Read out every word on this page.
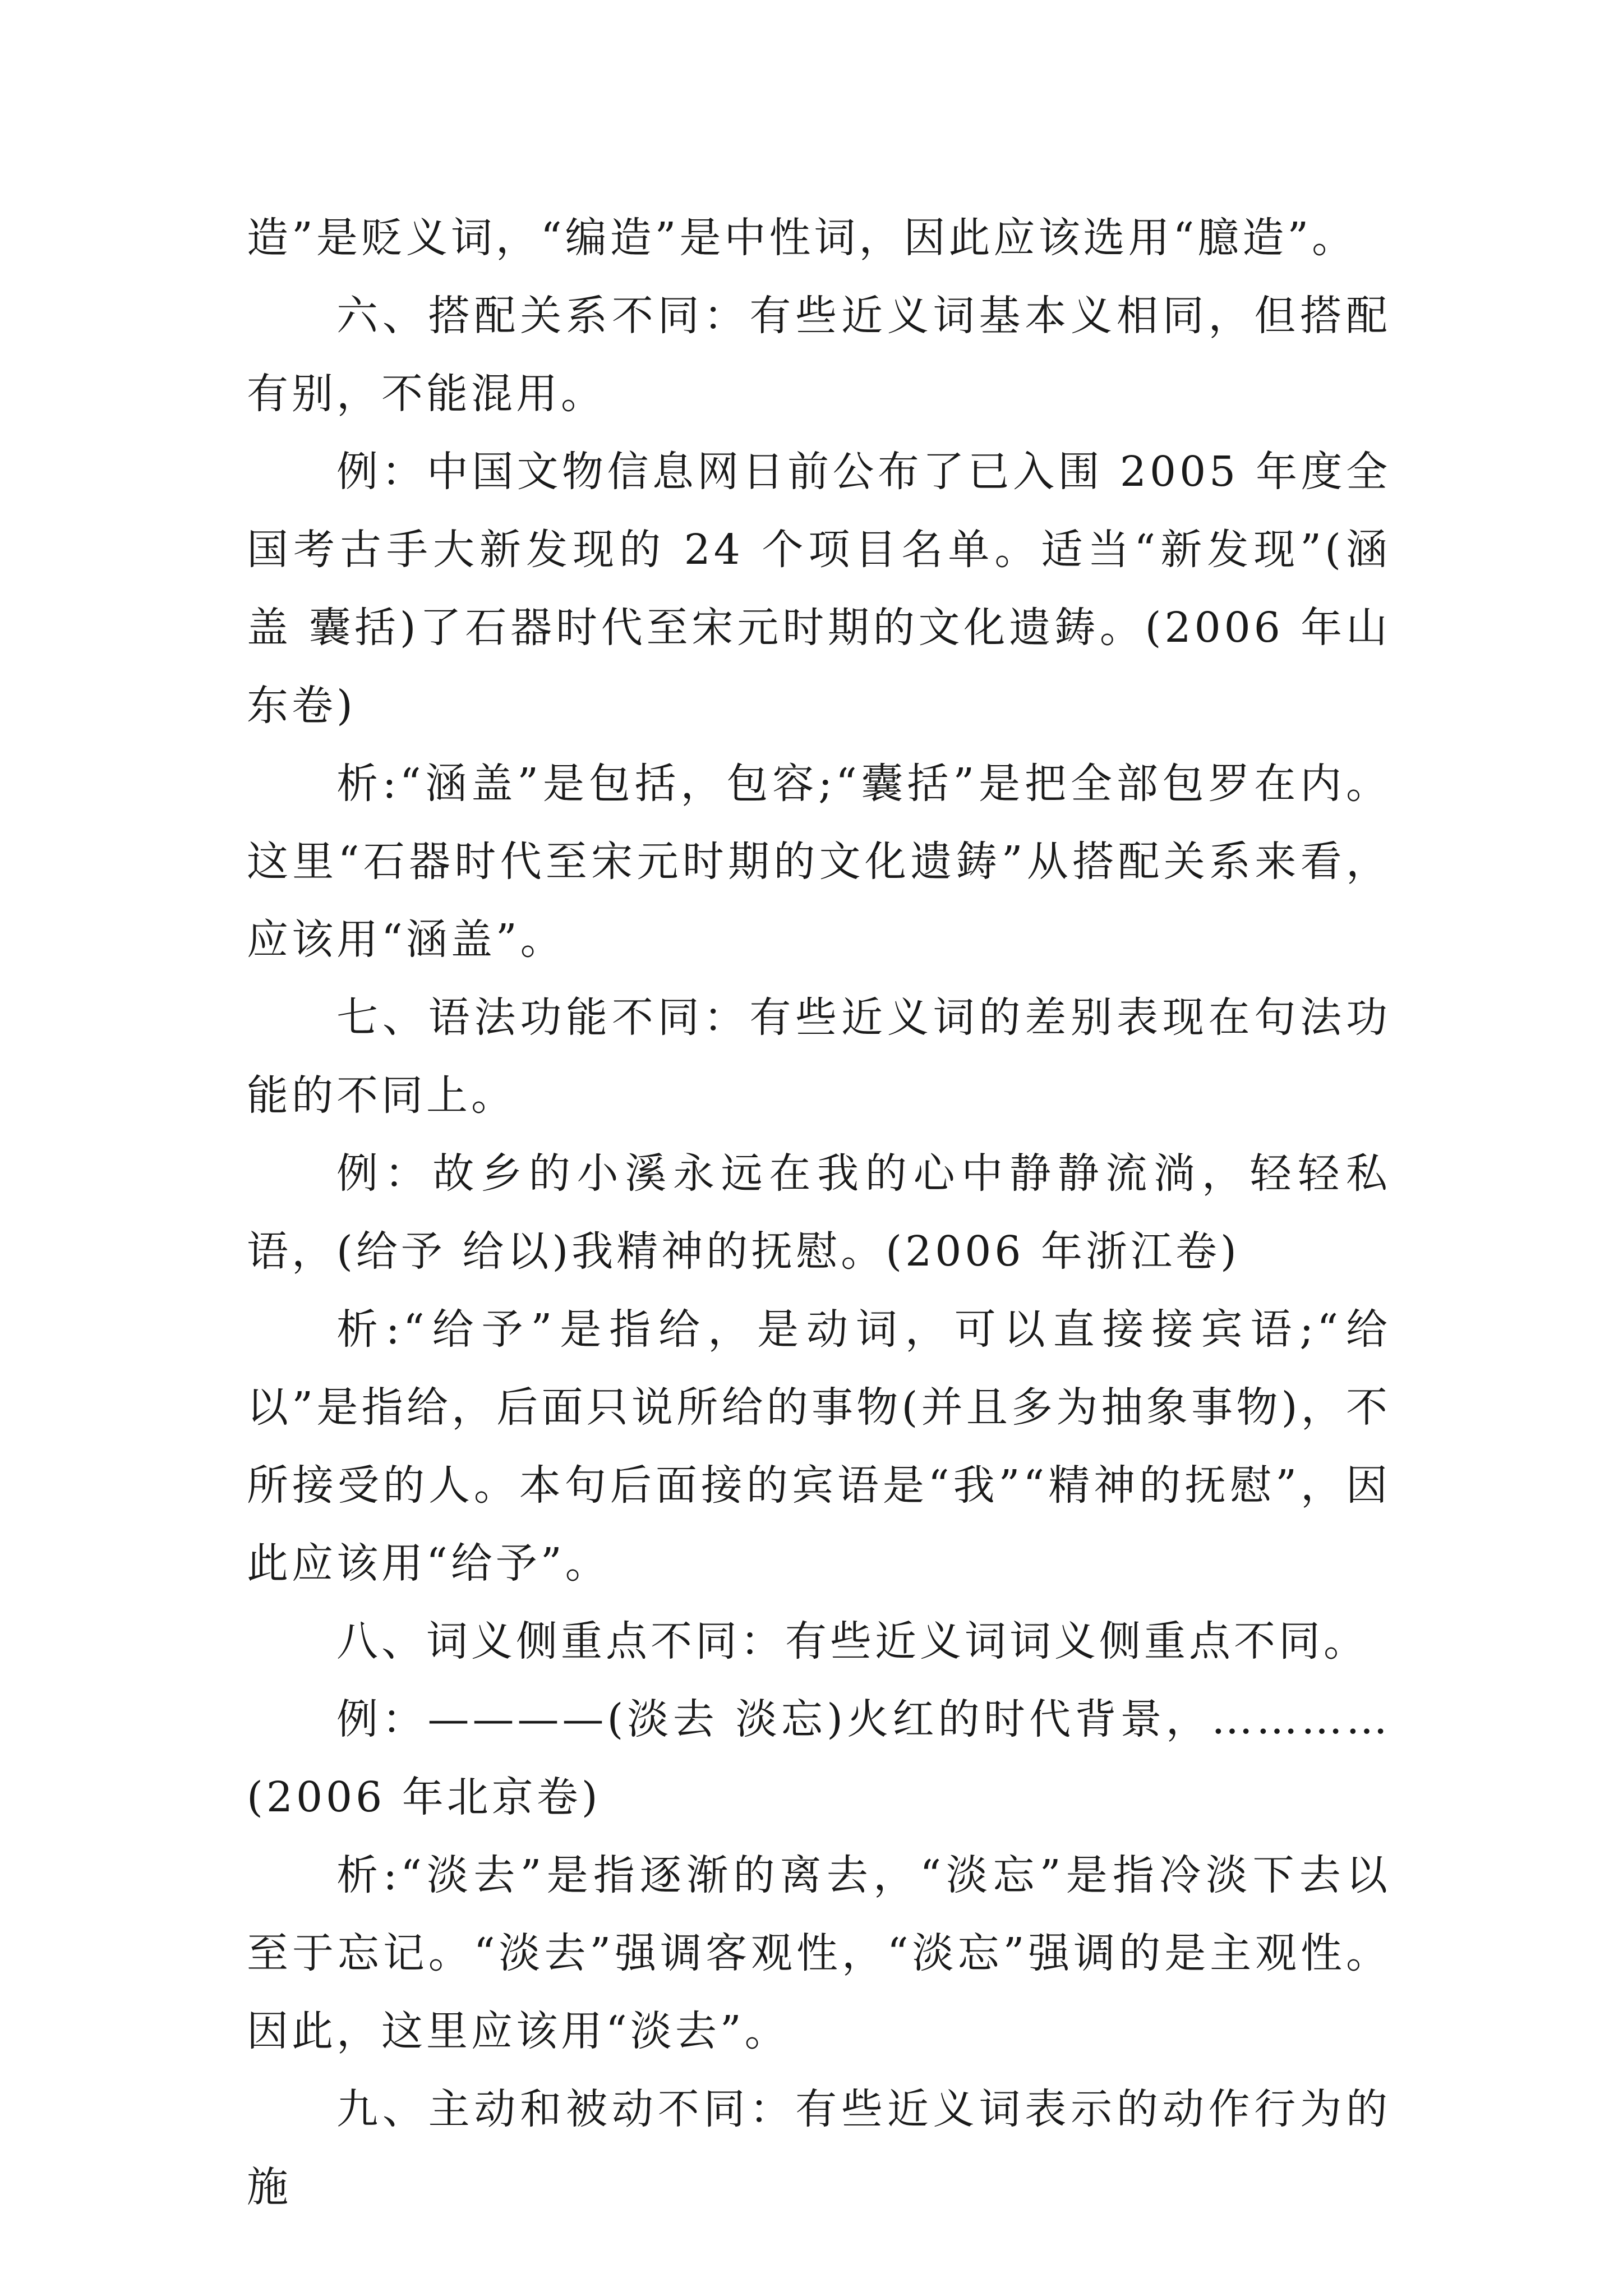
造”是贬义词，“编造”是中性词，因此应该选用“臆造”。

六、搭配关系不同：有些近义词基本义相同，但搭配有别，不能混用。

例：中国文物信息网日前公布了已入围 2005 年度全国考古手大新发现的 24 个项目名单。适当“新发现”(涵盖 囊括)了石器时代至宋元时期的文化遗鋳。(2006 年山东卷)

析:“涵盖”是包括，包容;“囊括”是把全部包罗在内。这里“石器时代至宋元时期的文化遗鋳”从搭配关系来看，应该用“涵盖”。

七、语法功能不同：有些近义词的差别表现在句法功能的不同上。

例：故乡的小溪永远在我的心中静静流淌，轻轻私语，(给予 给以)我精神的抚慰。(2006 年浙江卷)

析:“给予”是指给，是动词，可以直接接宾语;“给以”是指给，后面只说所给的事物(并且多为抽象事物)，不所接受的人。本句后面接的宾语是“我”“精神的抚慰”，因此应该用“给予”。

八、词义侧重点不同：有些近义词词义侧重点不同。

例：————(淡去 淡忘)火红的时代背景，…………(2006 年北京卷)

析:“淡去”是指逐渐的离去，“淡忘”是指冷淡下去以至于忘记。“淡去”强调客观性，“淡忘”强调的是主观性。因此，这里应该用“淡去”。

九、主动和被动不同：有些近义词表示的动作行为的施
